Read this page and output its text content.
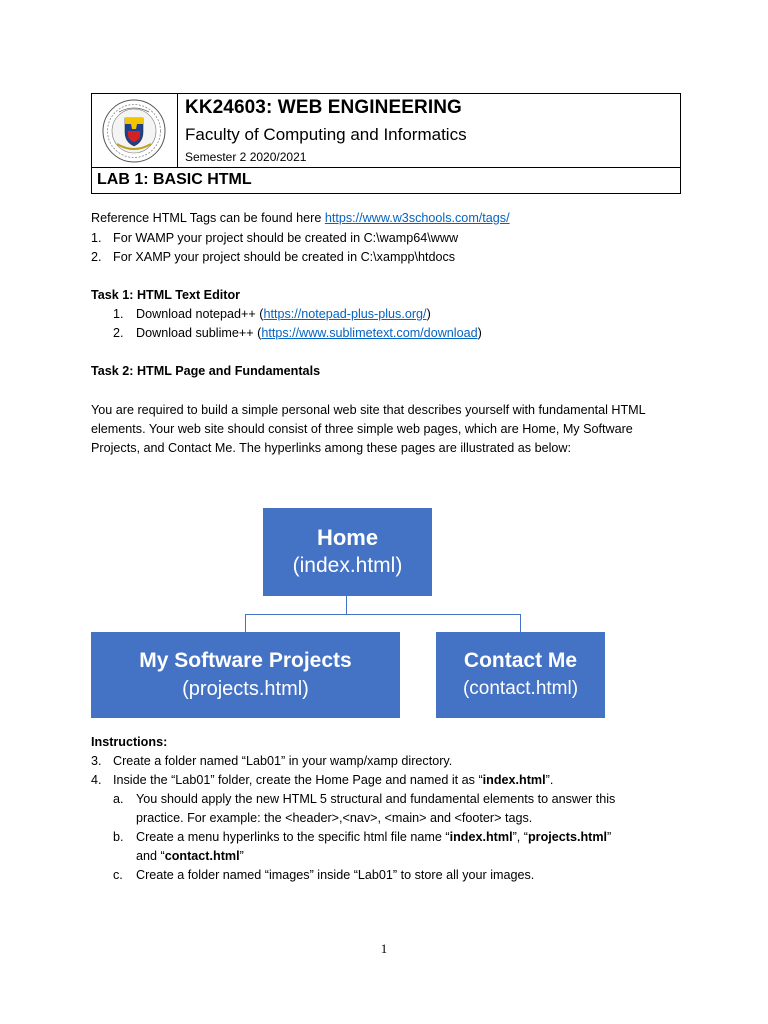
KK24603: WEB ENGINEERING
Faculty of Computing and Informatics
Semester 2 2020/2021
LAB 1: BASIC HTML
Reference HTML Tags can be found here https://www.w3schools.com/tags/
1. For WAMP your project should be created in C:\wamp64\www
2. For XAMP your project should be created in C:\xampp\htdocs
Task 1: HTML Text Editor
1. Download notepad++ (https://notepad-plus-plus.org/)
2. Download sublime++ (https://www.sublimetext.com/download)
Task 2: HTML Page and Fundamentals
You are required to build a simple personal web site that describes yourself with fundamental HTML elements. Your web site should consist of three simple web pages, which are Home, My Software Projects, and Contact Me. The hyperlinks among these pages are illustrated as below:
Home
(index.html)
My Software Projects
(projects.html)
Contact Me
(contact.html)
Instructions:
3. Create a folder named “Lab01” in your wamp/xamp directory.
4. Inside the “Lab01” folder, create the Home Page and named it as “index.html”.
a. You should apply the new HTML 5 structural and fundamental elements to answer this
practice. For example: the <header>,<nav>, <main> and <footer> tags.
b. Create a menu hyperlinks to the specific html file name “index.html”, “projects.html”
and “contact.html”
c. Create a folder named “images” inside “Lab01” to store all your images.
1
